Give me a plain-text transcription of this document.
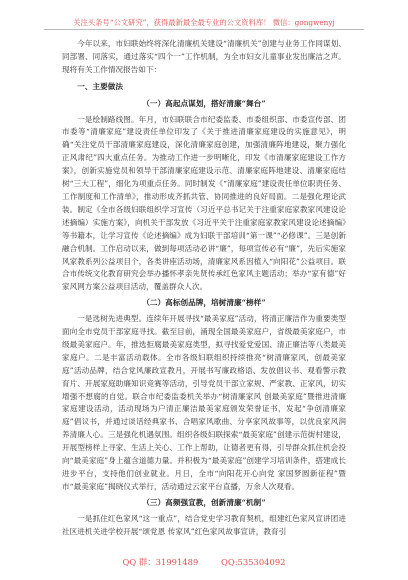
关注头条号“公文研究”，获得最新最全最专业的公文资料库！ 微信：gongwenyj

今年以来，市妇联始终将深化清廉机关建设“清廉机关”创建与业务工作同谋划、同部署、同落实，通过落实“四个一”工作机制，为全市妇女儿童事业发出廉洁之声。现将有关工作情况报告如下：

一、主要做法
（一）高起点谋划，搭好清廉“舞台”

一是绘制路线图。年月，市妇联联合市纪委监委、市委组织部、市委宣传部、团市委等“清廉家庭”建设责任单位印发了《关于推进清廉家庭建设的实施意见》，明确“关注党员干部清廉家庭建设，深化清廉家庭创建，加强清廉阵地建设，聚力强化正风肃纪”四大重点任务。为推动工作进一步明晰化，印发《市清廉家庭建设工作方案》，创新实施党员和领导干部清廉家庭建设示范、清廉家庭阵地建设、清廉家庭结树“三大工程”，细化为项重点任务。同时制发《“清廉家庭”建设责任单位职责任务、工作制度和工作清单》，推动形成齐抓共管、协同推进的良好局面。二是强化理论武装。制定《全市各级妇联组织学习宣传（习近平总书记关于注重家庭家教家风建设论述摘编）实施方案》，向机关干部发放《习近平关于注重家庭家教家风建设论述摘编》等书籍本，让学习宣传《论述摘编》成为妇联干部培训“第一课”“必修课”。三是创新融合机制。工作启动以来，做到每项活动必讲“廉”，每项宣传必有“廉”，先后实施家风家教系列公益项目个，各类讲座活动场，清廉家风系因植入“向阳花”公益项目。联合市传统文化教育研究会举办播怀孝亲先贤传承红色家风主题活动；举办“家有德”好家风网方案公益项目活动，覆盖群众人次。

（二）高标创品牌，培树清廉“榜样”

一是选树先进典型。连续年开展寻找“最美家庭”活动，将清正廉洁作为重要类型面向全市党员干部家庭寻找。截至目前，涌现全国最美家庭户，省级最美家庭户，市级最美家庭户。年，推选拒腐最美家庭类型，拟寻找爱党爱国、清正廉洁等八类最美家庭户。二是丰富活动载体。全市各级妇联组织持续推亮“树清廉家风，创最美家庭”活动品牌，结合党风廉政宣教月，开展书写廉政格语、发放倡议书、观看警示教育片、开展家庭助廉知识竞赛等活动，引导党员干部立家规、严家教、正家风，切实增强不想腐的自觉。联合市纪委监委机关举办“树清廉家风 创最美家庭”暨推进清廉家庭建设活动，活动现场为户清正廉洁最美家庭颁发荣誉证书，发起“争创清廉家庭”倡议书，并通过谈话经典家书、合唱家风歌曲、分享家风故事等，以优良家风润养清廉人心。三是强化机遇氛围。组织各级妇联探索“最美家庭”创建示范街村建设，开展型榜样上寻家、生活上关心、工作上帮助，让德者更有得，引导群众抓住机会投向“最美家庭”身上蕴含道德力量。并积极为“最美家庭”创建学习培训条件，搭建成长进步平台，支持他们创业就业。月日，全市“向阳花开心向党 家国梦圆新征程”暨市“最美家庭”揭晓仪式举行，活动通过云家平台直播，万余人次观看。

（三）高频强宣教，创新清廉“机制”

一是抓住红色家风“这一重点”，结合党史学习教育契机，组建红色家风宣讲团进社区进机关进学校开展“颂党恩 传家风”红色家风故事宣讲，教育引

QQ 群：31991489	QQ:535304092
